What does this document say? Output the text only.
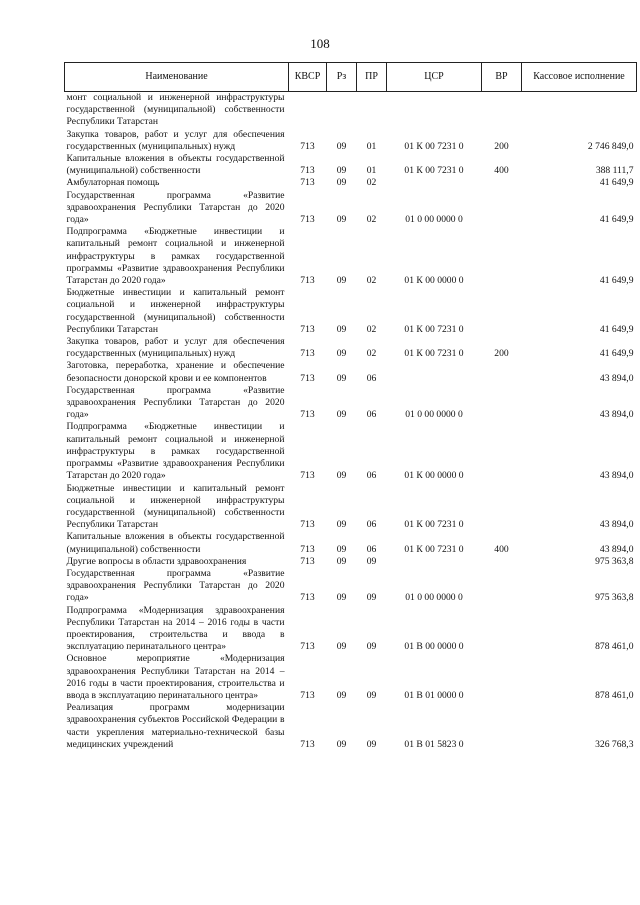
108
Наименование	КВСР	Рз	ПР	ЦСР	ВР	Кассовое исполнение
монт социальной и инженерной инфраструктуры государственной (муниципальной) собственности Республики Татарстан						
Закупка товаров, работ и услуг для обеспечения государственных (муниципальных) нужд	713	09	01	01 К 00 7231 0	200	2 746 849,0
Капитальные вложения в объекты государственной (муниципальной) собственности	713	09	01	01 К 00 7231 0	400	388 111,7
Амбулаторная помощь	713	09	02			41 649,9
Государственная программа «Развитие здравоохранения Республики Татарстан до 2020 года»	713	09	02	01 0 00 0000 0		41 649,9
Подпрограмма «Бюджетные инвестиции и капитальный ремонт социальной и инженерной инфраструктуры в рамках государственной программы «Развитие здравоохранения Республики Татарстан до 2020 года»	713	09	02	01 К 00 0000 0		41 649,9
Бюджетные инвестиции и капитальный ремонт социальной и инженерной инфраструктуры государственной (муниципальной) собственности Республики Татарстан	713	09	02	01 К 00 7231 0		41 649,9
Закупка товаров, работ и услуг для обеспечения государственных (муниципальных) нужд	713	09	02	01 К 00 7231 0	200	41 649,9
Заготовка, переработка, хранение и обеспечение безопасности донорской крови и ее компонентов	713	09	06			43 894,0
Государственная программа «Развитие здравоохранения Республики Татарстан до 2020 года»	713	09	06	01 0 00 0000 0		43 894,0
Подпрограмма «Бюджетные инвестиции и капитальный ремонт социальной и инженерной инфраструктуры в рамках государственной программы «Развитие здравоохранения Республики Татарстан до 2020 года»	713	09	06	01 К 00 0000 0		43 894,0
Бюджетные инвестиции и капитальный ремонт социальной и инженерной инфраструктуры государственной (муниципальной) собственности Республики Татарстан	713	09	06	01 К 00 7231 0		43 894,0
Капитальные вложения в объекты государственной (муниципальной) собственности	713	09	06	01 К 00 7231 0	400	43 894,0
Другие вопросы в области здравоохранения	713	09	09			975 363,8
Государственная программа «Развитие здравоохранения Республики Татарстан до 2020 года»	713	09	09	01 0 00 0000 0		975 363,8
Подпрограмма «Модернизация здравоохранения Республики Татарстан на 2014 – 2016 годы в части проектирования, строительства и ввода в эксплуатацию перинатального центра»	713	09	09	01 В 00 0000 0		878 461,0
Основное мероприятие «Модернизация здравоохранения Республики Татарстан на 2014 – 2016 годы в части проектирования, строительства и ввода в эксплуатацию перинатального центра»	713	09	09	01 В 01 0000 0		878 461,0
Реализация программ модернизации здравоохранения субъектов Российской Федерации в части укрепления материально-технической базы медицинских учреждений	713	09	09	01 В 01 5823 0		326 768,3
